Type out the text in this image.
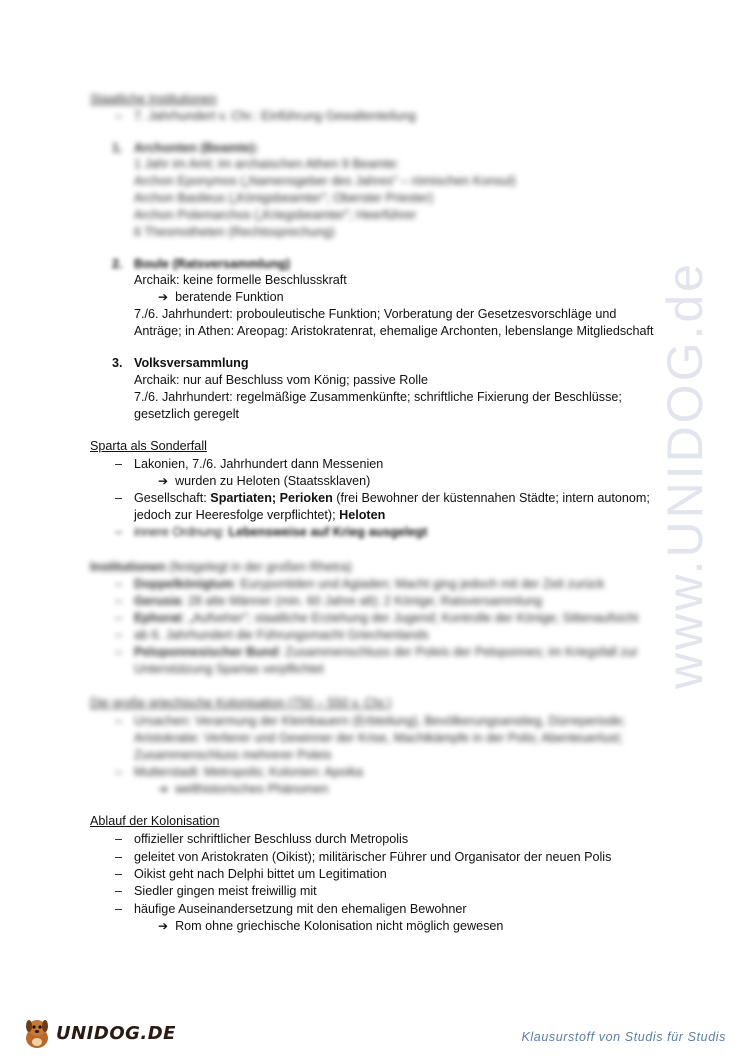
www.UNIDOG.de
Staatliche Institutionen
– 7. Jahrhundert v. Chr.: Einführung Gewaltenteilung
1. Archonten (Beamte):
1 Jahr im Amt; im archaischen Athen 9 Beamte:
Archon Eponymos („Namensgeber des Jahres" – römischen Konsul)
Archon Basileus („Königsbeamter"; Oberster Priester)
Archon Polemarchos („Kriegsbeamter"; Heerführer
6 Thesmotheten (Rechtssprechung)
2. Boule (Ratsversammlung)
Archaik: keine formelle Beschlusskraft
➔ beratende Funktion
7./6. Jahrhundert: probouleutische Funktion; Vorberatung der Gesetzesvorschläge und
Anträge; in Athen: Areopag: Aristokratenrat, ehemalige Archonten, lebenslange Mitgliedschaft
3. Volksversammlung
Archaik: nur auf Beschluss vom König; passive Rolle
7./6. Jahrhundert: regelmäßige Zusammenkünfte; schriftliche Fixierung der Beschlüsse;
gesetzlich geregelt
Sparta als Sonderfall
– Lakonien, 7./6. Jahrhundert dann Messenien
➔ wurden zu Heloten (Staatssklaven)
– Gesellschaft: Spartiaten; Perioken (frei Bewohner der küstennahen Städte; intern autonom;
jedoch zur Heeresfolge verpflichtet); Heloten
– innere Ordnung: Lebensweise auf Krieg ausgelegt
Institutionen (festgelegt in der großen Rhetra)
– Doppelkönigtum: Eurypontiden und Agiaden; Macht ging jedoch mit der Zeit zurück
– Gerusia: 28 alte Männer (min. 60 Jahre alt); 2 Könige; Ratsversammlung
– Ephorat: „Aufseher"; staatliche Erziehung der Jugend; Kontrolle der Könige; Sittenaufsicht
– ab 6. Jahrhundert die Führungsmacht Griechenlands
– Peloponnesischer Bund: Zusammenschluss der Poleis der Peloponnes; im Kriegsfall zur
Unterstützung Spartas verpflichtet
Die große griechische Kolonisation (750 – 550 v. Chr.)
– Ursachen: Verarmung der Kleinbauern (Erbteilung), Bevölkerungsanstieg, Dürreperiode;
Aristokratie: Verlierer und Gewinner der Krise, Machtkämpfe in der Polis; Abenteuerlust;
Zusammenschluss mehrerer Poleis
– Mutterstadt: Metropolis; Kolonien: Apoika
➔ welthistorisches Phänomen
Ablauf der Kolonisation
– offizieller schriftlicher Beschluss durch Metropolis
– geleitet von Aristokraten (Oikist); militärischer Führer und Organisator der neuen Polis
– Oikist geht nach Delphi bittet um Legitimation
– Siedler gingen meist freiwillig mit
– häufige Auseinandersetzung mit den ehemaligen Bewohner
➔ Rom ohne griechische Kolonisation nicht möglich gewesen
UNIDOG.DE	Klausurstoff von Studis für Studis
